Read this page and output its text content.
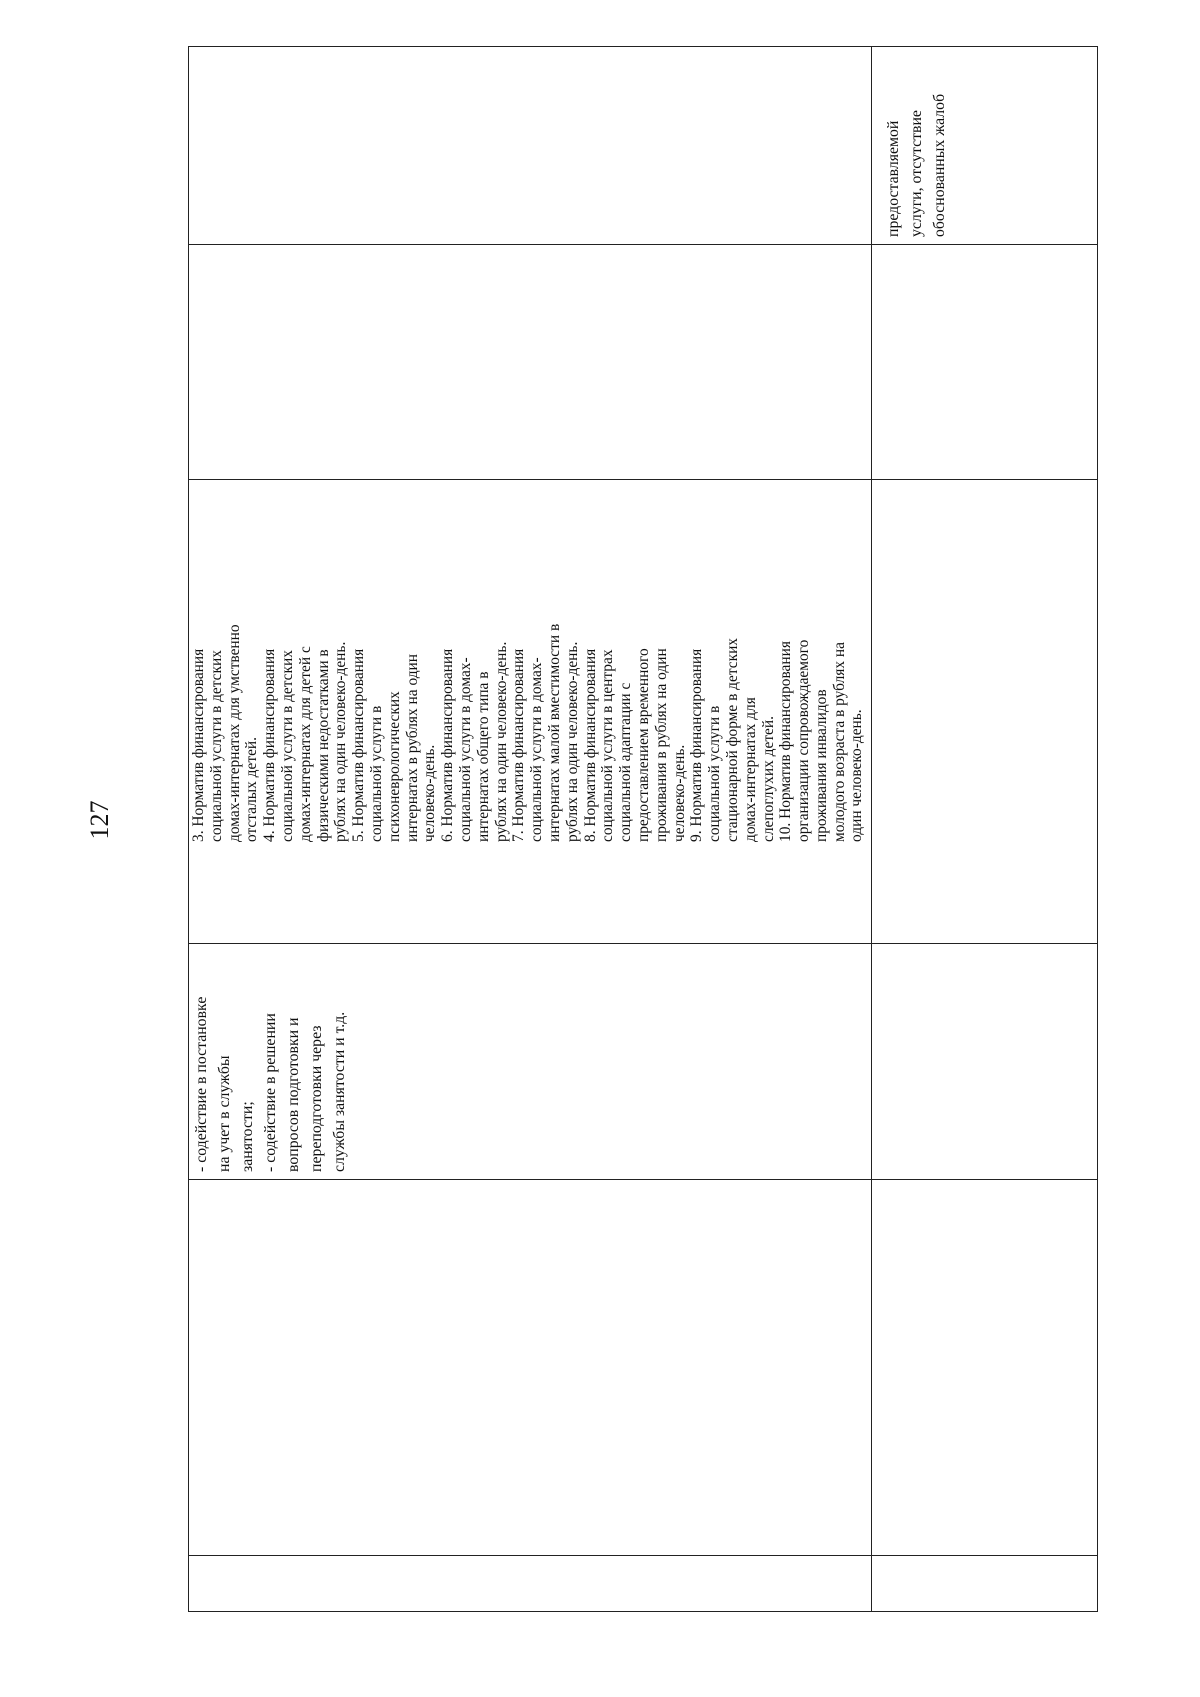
127
предоставляемой услуги, отсутствие обоснованных жалоб
- содействие в постановке на учет в службы занятости; - содействие в решении вопросов подготовки и переподготовки через службы занятости и т.д.
3. Норматив финансирования социальной услуги в детских домах-интернатах для умственно отсталых детей. 4. Норматив финансирования социальной услуги в детских домах-интернатах для детей с физическими недостатками в рублях на один человеко-день. 5. Норматив финансирования социальной услуги в психоневрологических интернатах в рублях на один человеко-день. 6. Норматив финансирования социальной услуги в домах- интернатах общего типа в рублях на один человеко-день. 7. Норматив финансирования социальной услуги в домах- интернатах малой вместимости в рублях на один человеко-день. 8. Норматив финансирования социальной услуги в центрах социальной адаптации с предоставлением временного проживания в рублях на один человеко-день. 9. Норматив финансирования социальной услуги в стационарной форме в детских домах-интернатах для слепоглухих детей. 10. Норматив финансирования организации сопровождаемого проживания инвалидов молодого возраста в рублях на один человеко-день.
